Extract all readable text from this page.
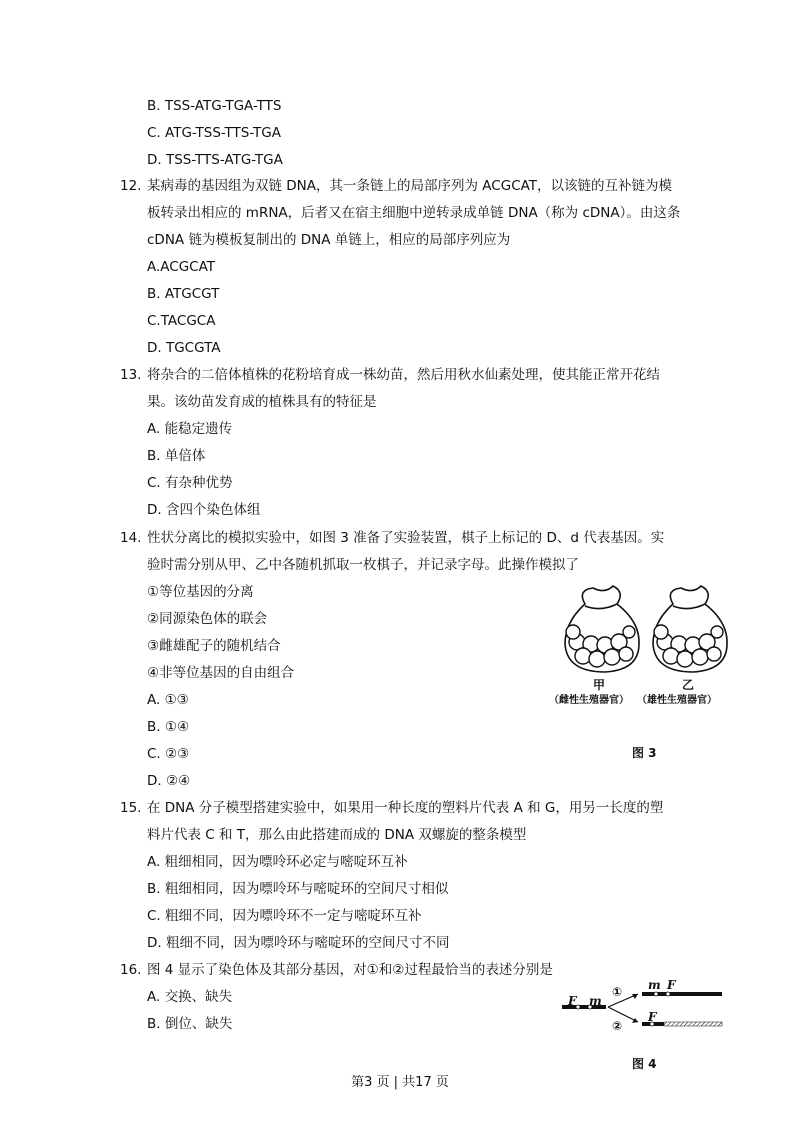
B. TSS-ATG-TGA-TTS
C. ATG-TSS-TTS-TGA
D. TSS-TTS-ATG-TGA
12. 某病毒的基因组为双链 DNA，其一条链上的局部序列为 ACGCAT，以该链的互补链为模
板转录出相应的 mRNA，后者又在宿主细胞中逆转录成单链 DNA（称为 cDNA）。由这条
cDNA 链为模板复制出的 DNA 单链上，相应的局部序列应为
A.ACGCAT
B. ATGCGT
C.TACGCA
D. TGCGTA
13. 将杂合的二倍体植株的花粉培育成一株幼苗，然后用秋水仙素处理，使其能正常开花结
果。该幼苗发育成的植株具有的特征是
A. 能稳定遗传
B. 单倍体
C. 有杂种优势
D. 含四个染色体组
14. 性状分离比的模拟实验中，如图 3 准备了实验装置，棋子上标记的 D、d 代表基因。实
验时需分别从甲、乙中各随机抓取一枚棋子，并记录字母。此操作模拟了
①等位基因的分离
②同源染色体的联会
③雌雄配子的随机结合
④非等位基因的自由组合
A. ①③
B. ①④
C. ②③
D. ②④
甲
（雌性生殖器官）
乙
（雄性生殖器官）
图 3
15. 在 DNA 分子模型搭建实验中，如果用一种长度的塑料片代表 A 和 G，用另一长度的塑
料片代表 C 和 T，那么由此搭建而成的 DNA 双螺旋的整条模型
A. 粗细相同，因为嘌呤环必定与嘧啶环互补
B. 粗细相同，因为嘌呤环与嘧啶环的空间尺寸相似
C. 粗细不同，因为嘌呤环不一定与嘧啶环互补
D. 粗细不同，因为嘌呤环与嘧啶环的空间尺寸不同
16. 图 4 显示了染色体及其部分基因，对①和②过程最恰当的表述分别是
A. 交换、缺失
B. 倒位、缺失
F m
①
②
m F
F
图 4
第3 页 | 共17 页
